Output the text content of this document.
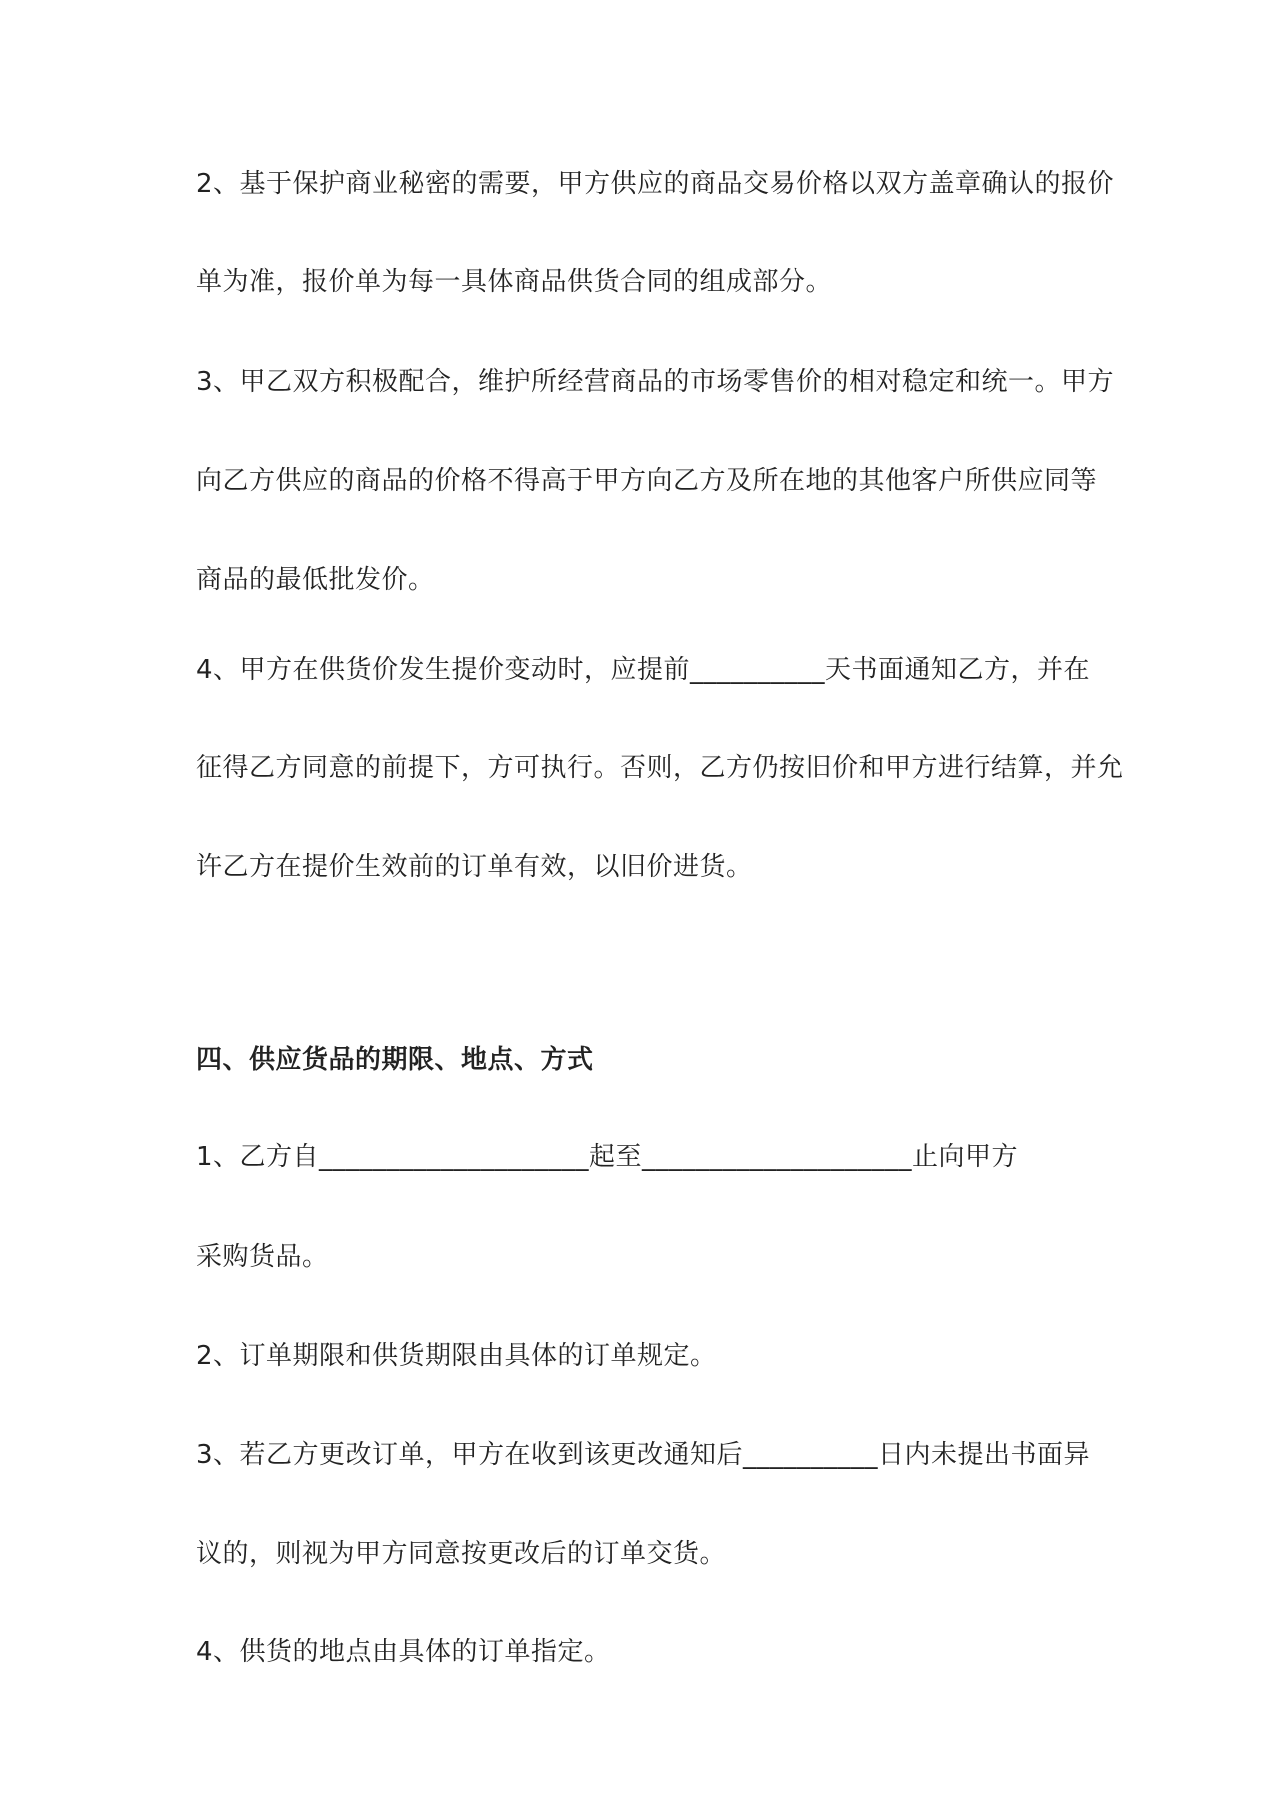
2、基于保护商业秘密的需要，甲方供应的商品交易价格以双方盖章确认的报价
单为准，报价单为每一具体商品供货合同的组成部分。
3、甲乙双方积极配合，维护所经营商品的市场零售价的相对稳定和统一。甲方
向乙方供应的商品的价格不得高于甲方向乙方及所在地的其他客户所供应同等
商品的最低批发价。
4、甲方在供货价发生提价变动时，应提前__________天书面通知乙方，并在
征得乙方同意的前提下，方可执行。否则，乙方仍按旧价和甲方进行结算，并允
许乙方在提价生效前的订单有效，以旧价进货。
四、供应货品的期限、地点、方式
1、乙方自____________________起至____________________止向甲方
采购货品。
2、订单期限和供货期限由具体的订单规定。
3、若乙方更改订单，甲方在收到该更改通知后__________日内未提出书面异
议的，则视为甲方同意按更改后的订单交货。
4、供货的地点由具体的订单指定。
